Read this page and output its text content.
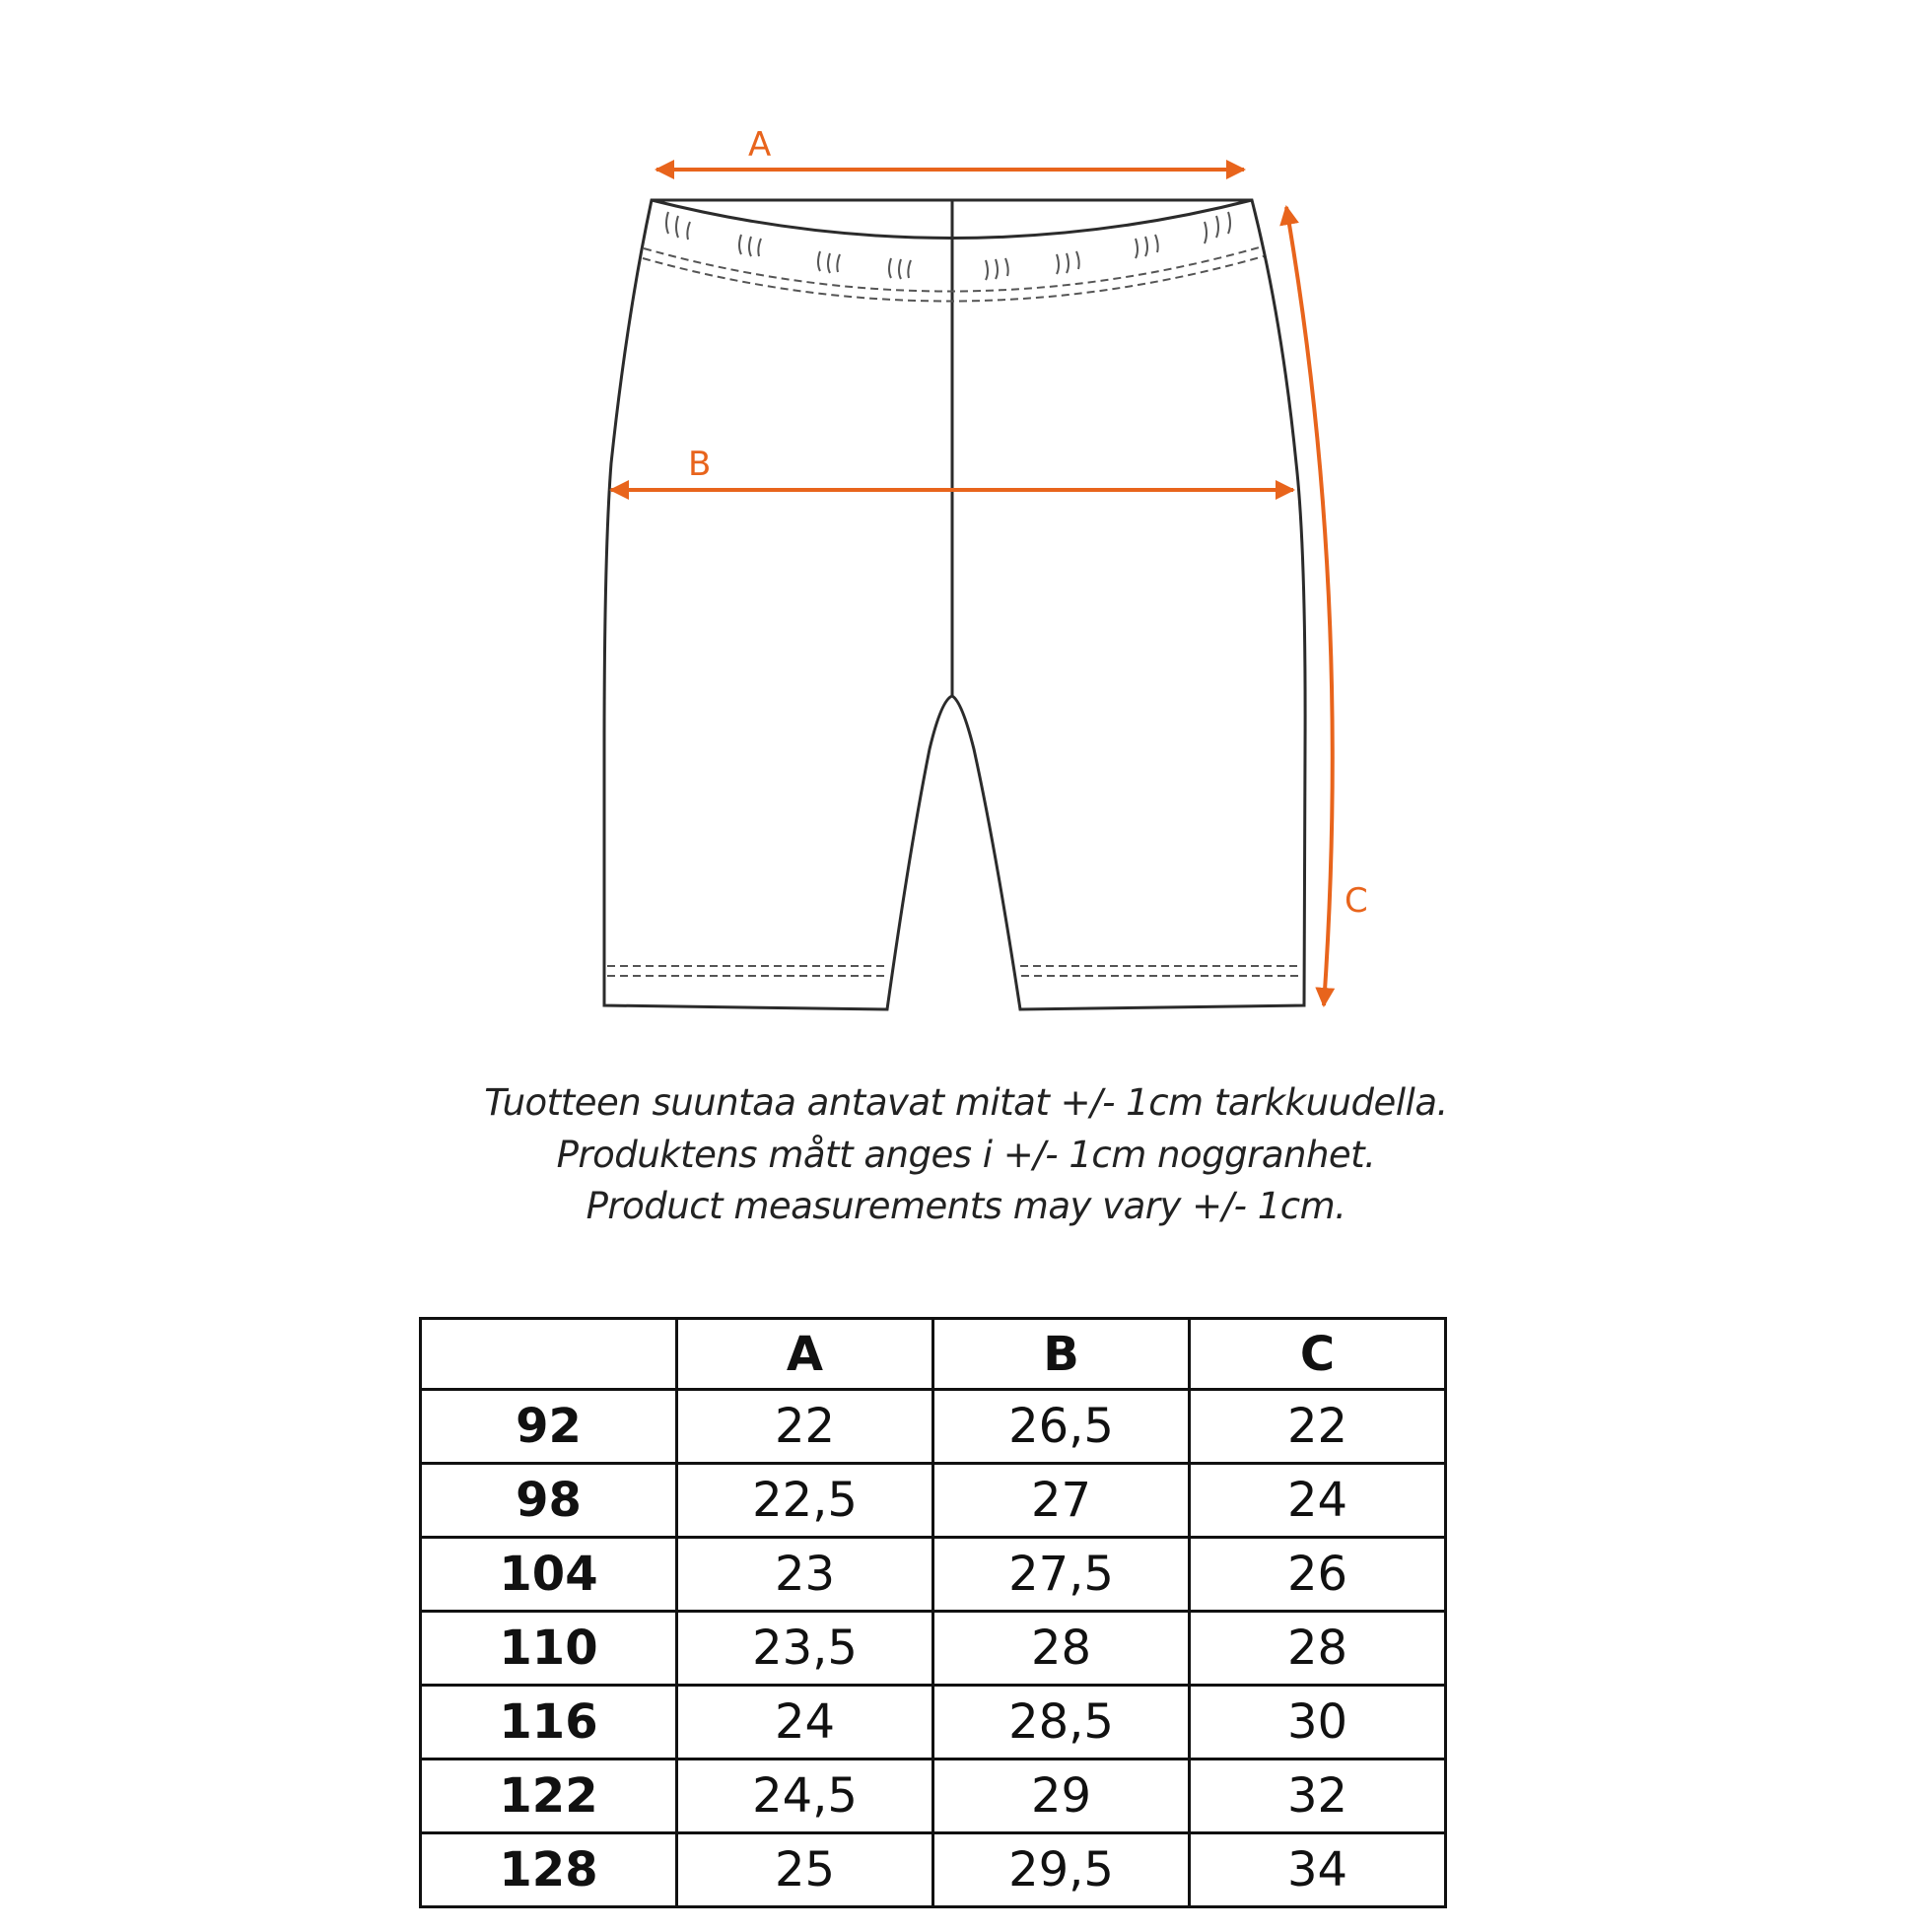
A
B
C
Tuotteen suuntaa antavat mitat +/- 1cm tarkkuudella.
Produktens mått anges i +/- 1cm noggranhet.
Product measurements may vary +/- 1cm.
	A	B	C
92	22	26,5	22
98	22,5	27	24
104	23	27,5	26
110	23,5	28	28
116	24	28,5	30
122	24,5	29	32
128	25	29,5	34
